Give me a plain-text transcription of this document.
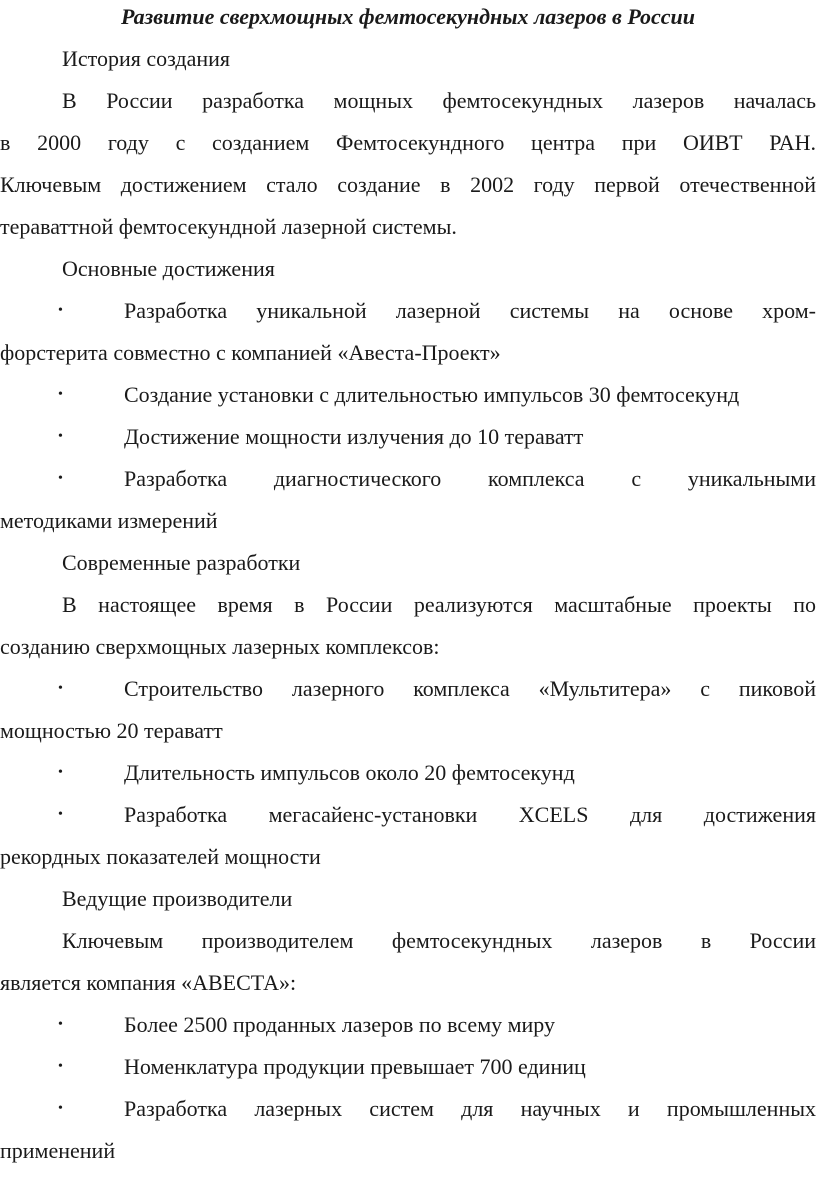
Развитие сверхмощных фемтосекундных лазеров в России
История создания
В России разработка мощных фемтосекундных лазеров началась
в 2000 году с созданием Фемтосекундного центра при ОИВТ РАН.
Ключевым достижением стало создание в 2002 году первой отечественной
тераваттной фемтосекундной лазерной системы.
Основные достижения
•	Разработка уникальной лазерной системы на основе хром-
форстерита совместно с компанией «Авеста-Проект»
•	Создание установки с длительностью импульсов 30 фемтосекунд
•	Достижение мощности излучения до 10 тераватт
•	Разработка диагностического комплекса с уникальными
методиками измерений
Современные разработки
В настоящее время в России реализуются масштабные проекты по
созданию сверхмощных лазерных комплексов:
•	Строительство лазерного комплекса «Мультитера» с пиковой
мощностью 20 тераватт
•	Длительность импульсов около 20 фемтосекунд
•	Разработка мегасайенс-установки XCELS для достижения
рекордных показателей мощности
Ведущие производители
Ключевым производителем фемтосекундных лазеров в России
является компания «АВЕСТА»:
•	Более 2500 проданных лазеров по всему миру
•	Номенклатура продукции превышает 700 единиц
•	Разработка лазерных систем для научных и промышленных
применений
